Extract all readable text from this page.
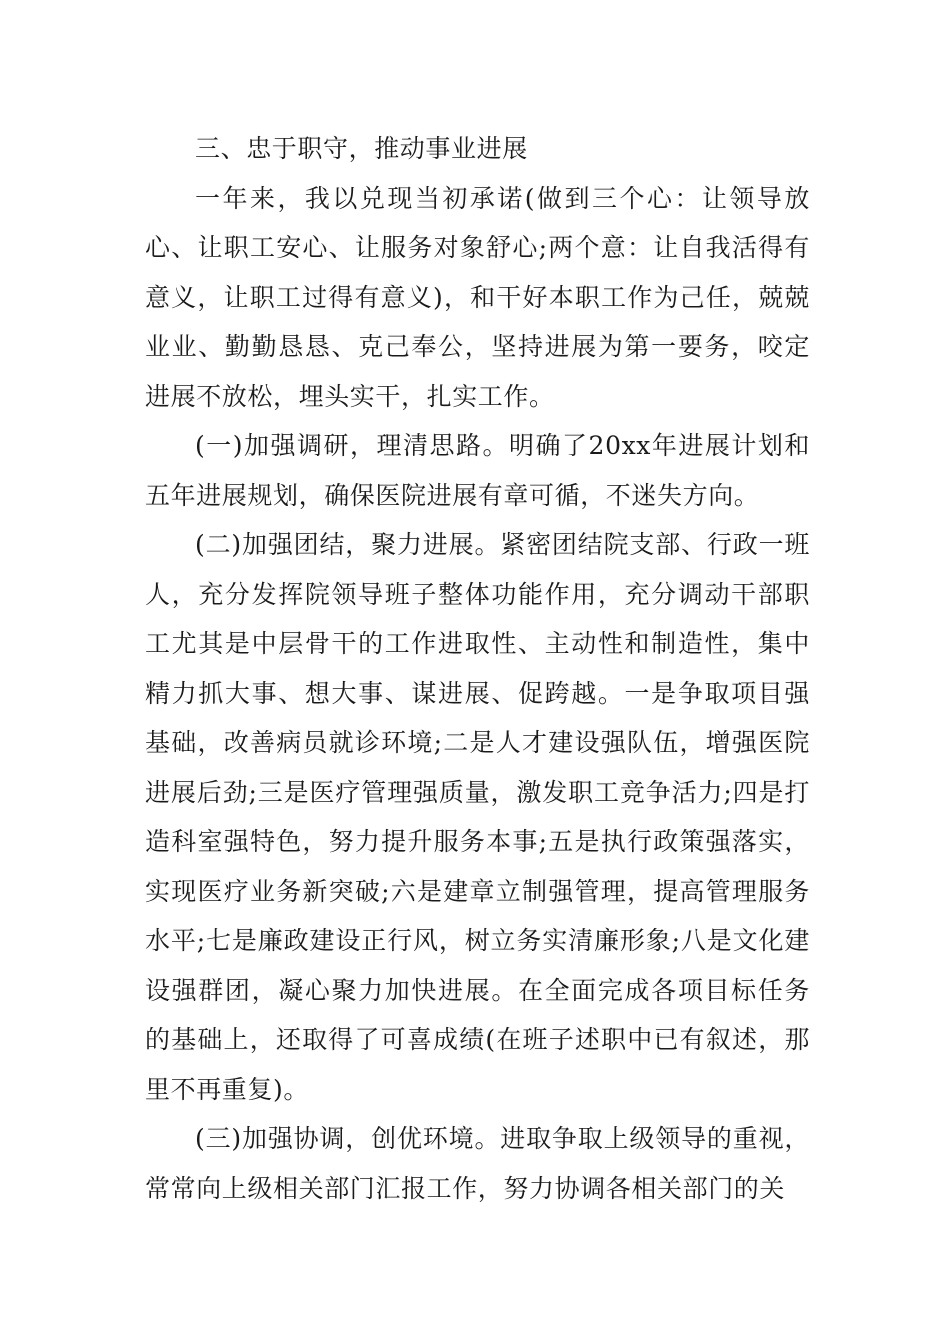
三、忠于职守，推动事业进展

一年来，我以兑现当初承诺(做到三个心：让领导放心、让职工安心、让服务对象舒心;两个意：让自我活得有意义，让职工过得有意义)，和干好本职工作为己任，兢兢业业、勤勤恳恳、克己奉公，坚持进展为第一要务，咬定进展不放松，埋头实干，扎实工作。

(一)加强调研，理清思路。明确了20xx年进展计划和五年进展规划，确保医院进展有章可循，不迷失方向。

(二)加强团结，聚力进展。紧密团结院支部、行政一班人，充分发挥院领导班子整体功能作用，充分调动干部职工尤其是中层骨干的工作进取性、主动性和制造性，集中精力抓大事、想大事、谋进展、促跨越。一是争取项目强基础，改善病员就诊环境;二是人才建设强队伍，增强医院进展后劲;三是医疗管理强质量，激发职工竞争活力;四是打造科室强特色，努力提升服务本事;五是执行政策强落实，实现医疗业务新突破;六是建章立制强管理，提高管理服务水平;七是廉政建设正行风，树立务实清廉形象;八是文化建设强群团，凝心聚力加快进展。在全面完成各项目标任务的基础上，还取得了可喜成绩(在班子述职中已有叙述，那里不再重复)。

(三)加强协调，创优环境。进取争取上级领导的重视，常常向上级相关部门汇报工作，努力协调各相关部门的关
